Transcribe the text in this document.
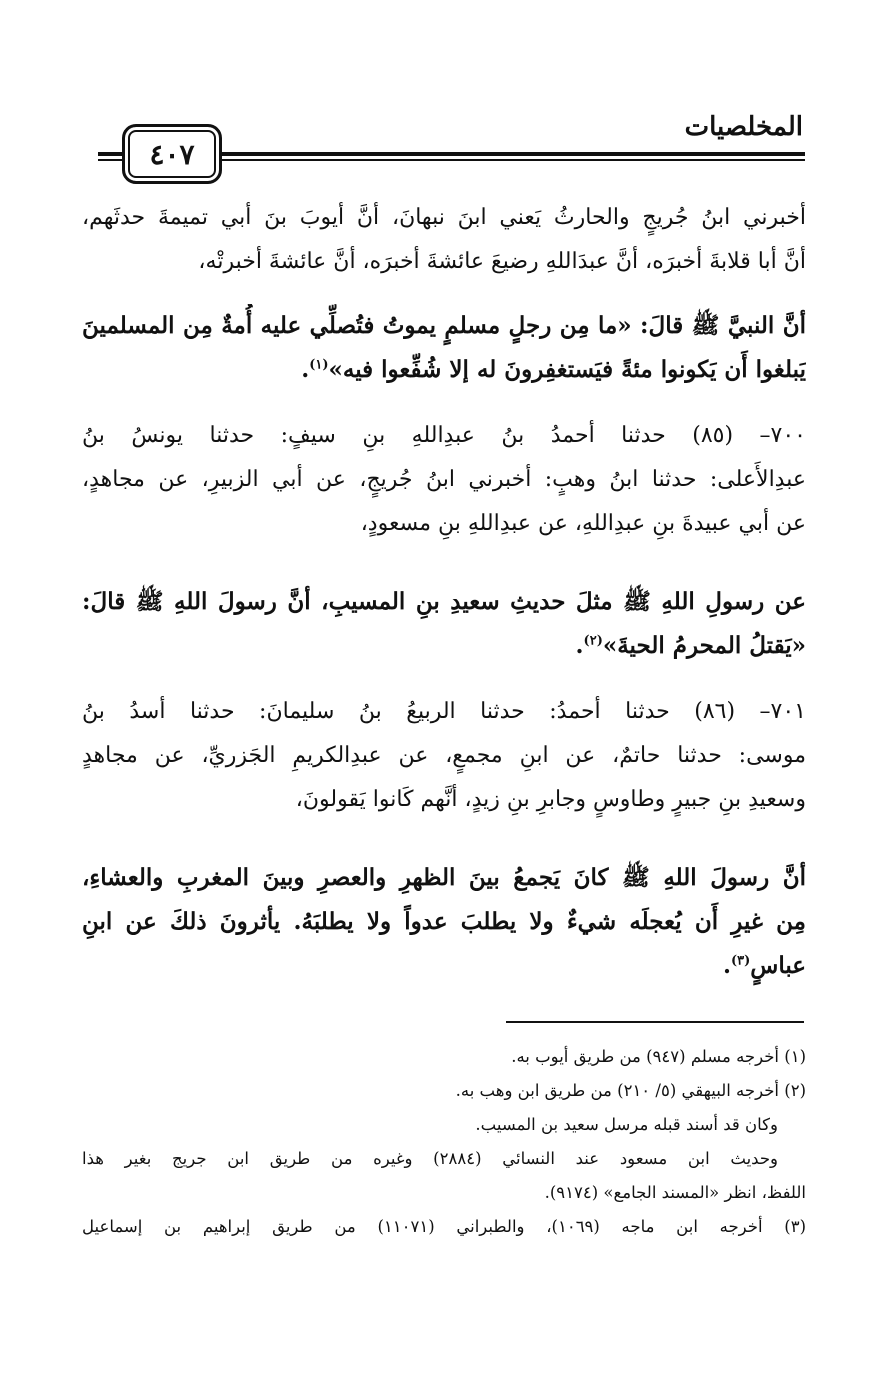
المخلصيات
٤٠٧
أخبرني ابنُ جُريجٍ والحارثُ يَعني ابنَ نبهانَ، أنَّ أيوبَ بنَ أبي تميمةَ حدثَهم،
أنَّ أبا قلابةَ أخبرَه، أنَّ عبدَاللهِ رضيعَ عائشةَ أخبرَه، أنَّ عائشةَ أخبرتْه،
أنَّ النبيَّ ﷺ قالَ: «ما مِن رجلٍ مسلمٍ يموتُ فتُصلِّي عليه أُمةٌ مِن المسلمينَ
يَبلغوا أَن يَكونوا مئةً فيَستغفِرونَ له إلا شُفِّعوا فيه»$^{(١)}$.
٧٠٠– (٨٥) حدثنا أحمدُ بنُ عبدِاللهِ بنِ سيفٍ: حدثنا يونسُ بنُ
عبدِالأَعلى: حدثنا ابنُ وهبٍ: أخبرني ابنُ جُريجٍ، عن أبي الزبيرِ، عن مجاهدٍ،
عن أبي عبيدةَ بنِ عبدِاللهِ، عن عبدِاللهِ بنِ مسعودٍ،
عن رسولِ اللهِ ﷺ مثلَ حديثِ سعيدِ بنِ المسيبِ، أنَّ رسولَ اللهِ ﷺ قالَ:
«يَقتلُ المحرمُ الحيةَ»$^{(٢)}$.
٧٠١– (٨٦) حدثنا أحمدُ: حدثنا الربيعُ بنُ سليمانَ: حدثنا أسدُ بنُ
موسى: حدثنا حاتمٌ، عن ابنِ مجمعٍ، عن عبدِالكريمِ الجَزريِّ، عن مجاهدٍ
وسعيدِ بنِ جبيرٍ وطاوسٍ وجابرِ بنِ زيدٍ، أنَّهم كَانوا يَقولونَ،
أنَّ رسولَ اللهِ ﷺ كانَ يَجمعُ بينَ الظهرِ والعصرِ وبينَ المغربِ والعشاءِ،
مِن غيرِ أَن يُعجلَه شيءٌ ولا يطلبَ عدواً ولا يطلبَهُ. يأثرونَ ذلكَ عن ابنِ
عباسٍ$^{(٣)}$.
(١) أخرجه مسلم (٩٤٧) من طريق أيوب به.
(٢) أخرجه البيهقي (٥/ ٢١٠) من طريق ابن وهب به.
وكان قد أسند قبله مرسل سعيد بن المسيب.
وحديث ابن مسعود عند النسائي (٢٨٨٤) وغيره من طريق ابن جريج بغير هذا
اللفظ، انظر «المسند الجامع» (٩١٧٤).
(٣) أخرجه ابن ماجه (١٠٦٩)، والطبراني (١١٠٧١) من طريق إبراهيم بن إسماعيل
